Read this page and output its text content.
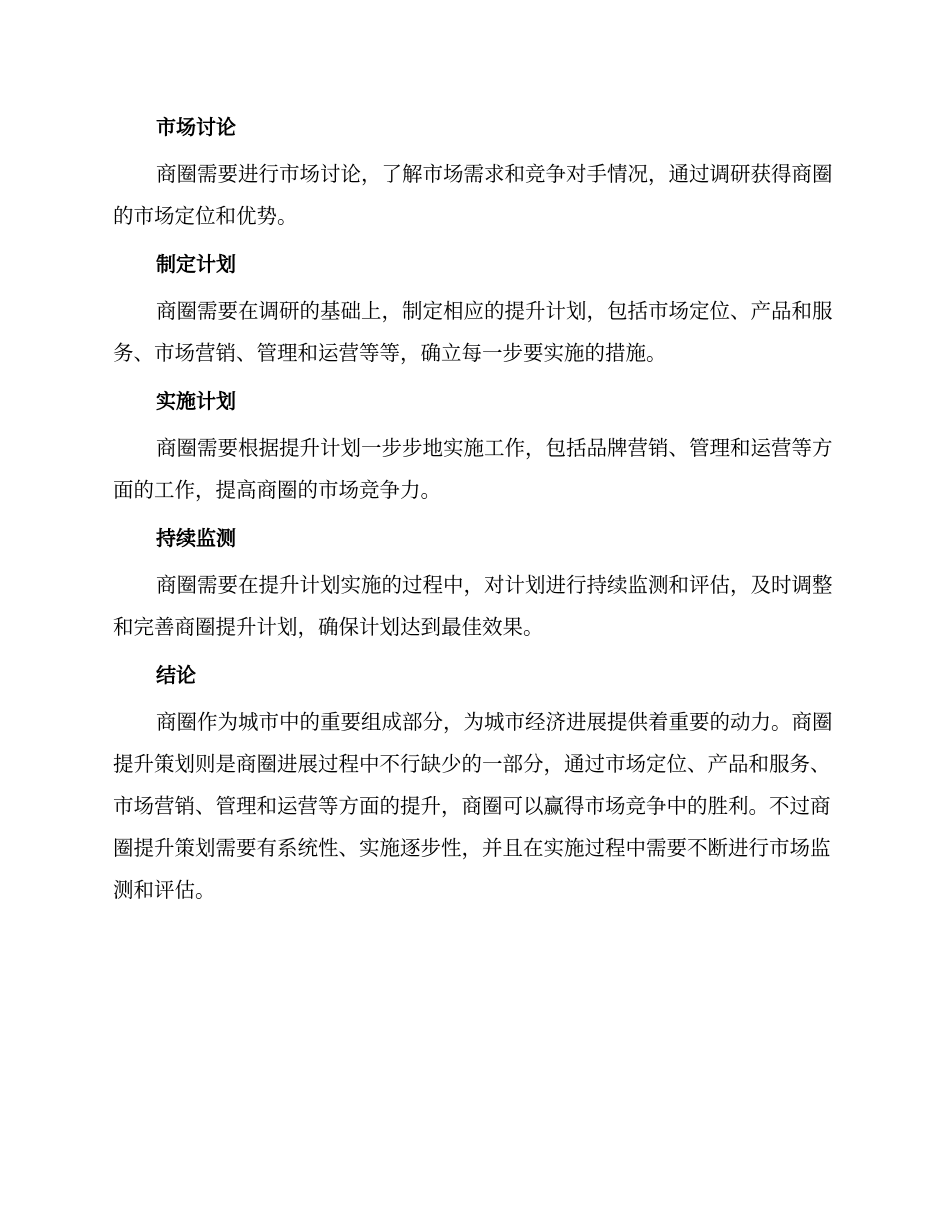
市场讨论

商圈需要进行市场讨论，了解市场需求和竞争对手情况，通过调研获得商圈的市场定位和优势。

制定计划

商圈需要在调研的基础上，制定相应的提升计划，包括市场定位、产品和服务、市场营销、管理和运营等等，确立每一步要实施的措施。

实施计划

商圈需要根据提升计划一步步地实施工作，包括品牌营销、管理和运营等方面的工作，提高商圈的市场竞争力。

持续监测

商圈需要在提升计划实施的过程中，对计划进行持续监测和评估，及时调整和完善商圈提升计划，确保计划达到最佳效果。

结论

商圈作为城市中的重要组成部分，为城市经济进展提供着重要的动力。商圈提升策划则是商圈进展过程中不行缺少的一部分，通过市场定位、产品和服务、市场营销、管理和运营等方面的提升，商圈可以赢得市场竞争中的胜利。不过商圈提升策划需要有系统性、实施逐步性，并且在实施过程中需要不断进行市场监测和评估。
